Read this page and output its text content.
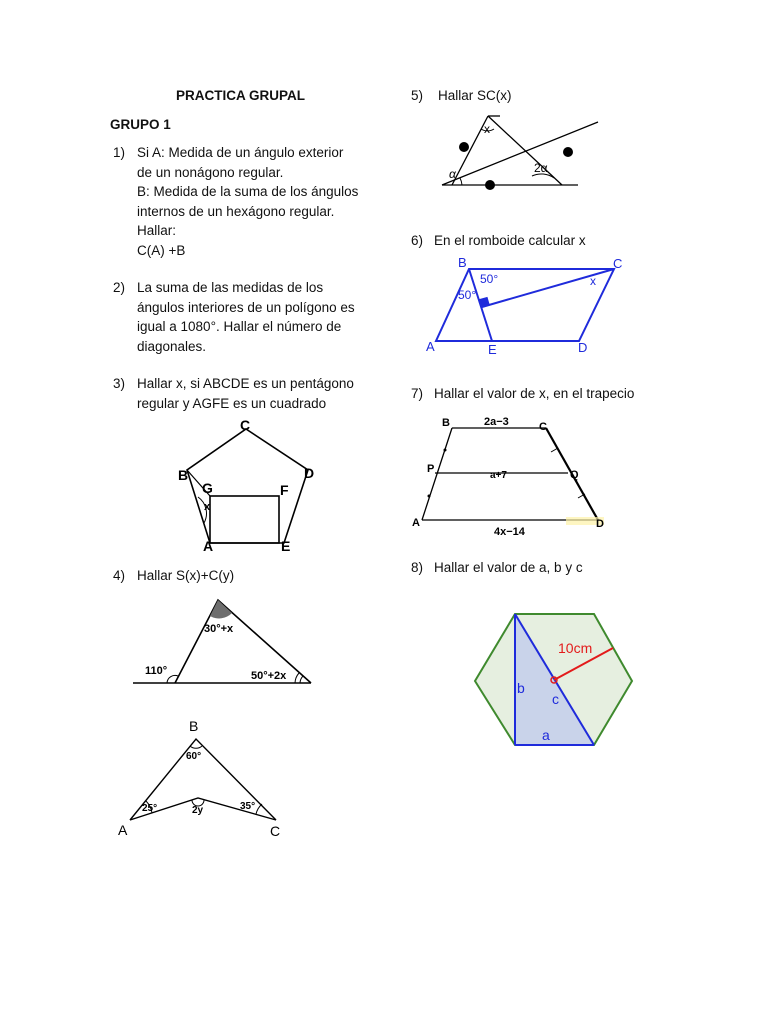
PRACTICA GRUPAL
GRUPO 1
1) Si A: Medida de un ángulo exterior
de un nonágono regular.
B: Medida de la suma de los ángulos
internos de un hexágono regular.
Hallar:
C(A) +B
2) La suma de las medidas de los
ángulos interiores de un polígono es
igual a 1080°. Hallar el número de
diagonales.
3) Hallar x, si ABCDE es un pentágono
regular y AGFE es un cuadrado
C
B	D
G	F
A	E
x
4) Hallar S(x)+C(y)
30°+x
110°	50°+2x
B
A	C
60°
25°	2y	35°
5) Hallar SC(x)
x
α	2α
6) En el romboide calcular x
B	C
A	E	D
50°
50°
x
7) Hallar el valor de x, en el trapecio
B	C
P	Q
A	D
2a−3
a+7
4x−14
8) Hallar el valor de a, b y c
10cm
b
c
a
